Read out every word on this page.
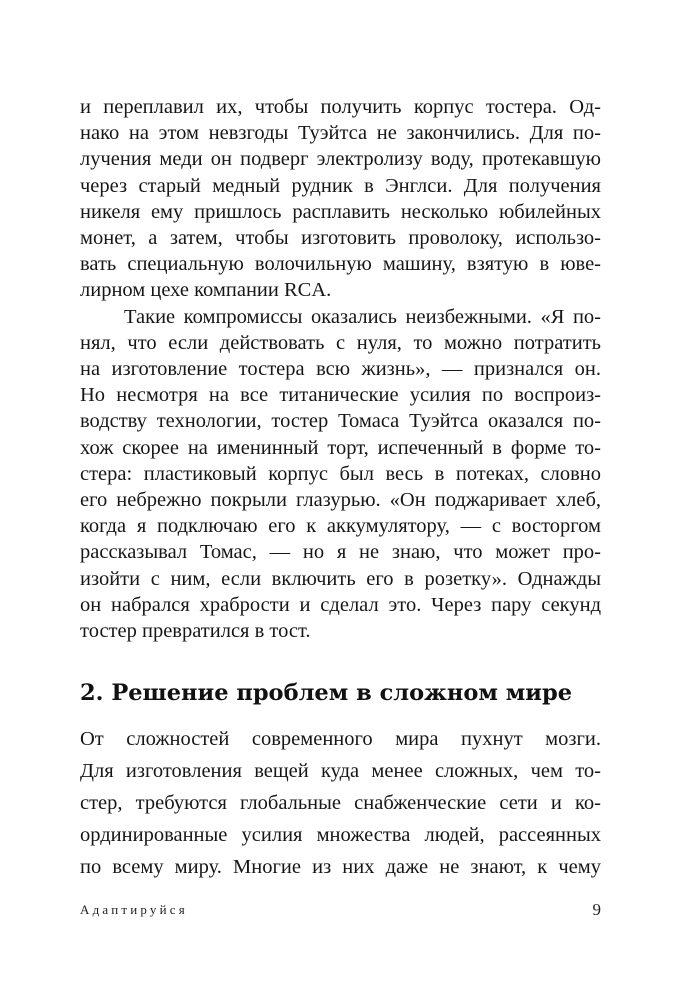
и переплавил их, чтобы получить корпус тостера. Од-
нако на этом невзгоды Туэйтса не закончились. Для по-
лучения меди он подверг электролизу воду, протекавшую
через старый медный рудник в Энглси. Для получения
никеля ему пришлось расплавить несколько юбилейных
монет, а затем, чтобы изготовить проволоку, использо-
вать специальную волочильную машину, взятую в юве-
лирном цехе компании RCA.
Такие компромиссы оказались неизбежными. «Я по-
нял, что если действовать с нуля, то можно потратить
на изготовление тостера всю жизнь», — признался он.
Но несмотря на все титанические усилия по воспроиз-
водству технологии, тостер Томаса Туэйтса оказался по-
хож скорее на именинный торт, испеченный в форме то-
стера: пластиковый корпус был весь в потеках, словно
его небрежно покрыли глазурью. «Он поджаривает хлеб,
когда я подключаю его к аккумулятору, — с восторгом
рассказывал Томас, — но я не знаю, что может про-
изойти с ним, если включить его в розетку». Однажды
он набрался храбрости и сделал это. Через пару секунд
тостер превратился в тост.
2. Решение проблем в сложном мире
От сложностей современного мира пухнут мозги.
Для изготовления вещей куда менее сложных, чем то-
стер, требуются глобальные снабженческие сети и ко-
ординированные усилия множества людей, рассеянных
по всему миру. Многие из них даже не знают, к чему
Адаптируйся	9
